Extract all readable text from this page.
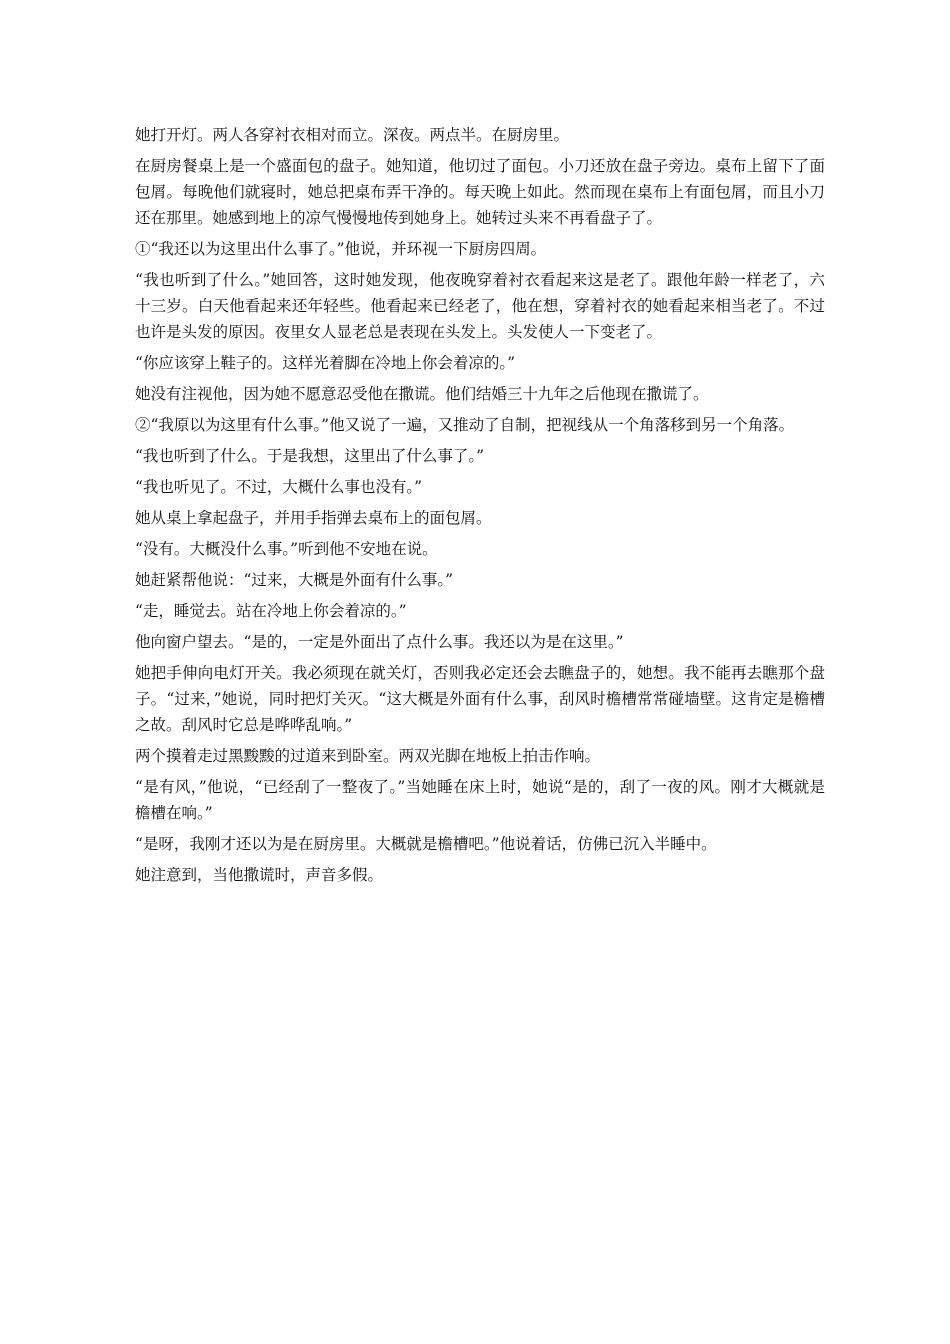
她打开灯。两人各穿衬衣相对而立。深夜。两点半。在厨房里。

在厨房餐桌上是一个盛面包的盘子。她知道，他切过了面包。小刀还放在盘子旁边。桌布上留下了面包屑。每晚他们就寝时，她总把桌布弄干净的。每天晚上如此。然而现在桌布上有面包屑，而且小刀还在那里。她感到地上的凉气慢慢地传到她身上。她转过头来不再看盘子了。

①“我还以为这里出什么事了。”他说，并环视一下厨房四周。

“我也听到了什么。”她回答，这时她发现，他夜晚穿着衬衣看起来这是老了。跟他年龄一样老了，六十三岁。白天他看起来还年轻些。他看起来已经老了，他在想，穿着衬衣的她看起来相当老了。不过也许是头发的原因。夜里女人显老总是表现在头发上。头发使人一下变老了。

“你应该穿上鞋子的。这样光着脚在冷地上你会着凉的。”

她没有注视他，因为她不愿意忍受他在撒谎。他们结婚三十九年之后他现在撒谎了。

②“我原以为这里有什么事。”他又说了一遍，又推动了自制，把视线从一个角落移到另一个角落。

“我也听到了什么。于是我想，这里出了什么事了。”

“我也听见了。不过，大概什么事也没有。”

她从桌上拿起盘子，并用手指弹去桌布上的面包屑。

“没有。大概没什么事。”听到他不安地在说。

她赶紧帮他说：“过来，大概是外面有什么事。”

“走，睡觉去。站在冷地上你会着凉的。”

他向窗户望去。“是的，一定是外面出了点什么事。我还以为是在这里。”

她把手伸向电灯开关。我必须现在就关灯，否则我必定还会去瞧盘子的，她想。我不能再去瞧那个盘子。“过来，”她说，同时把灯关灭。“这大概是外面有什么事，刮风时檐槽常常碰墙壁。这肯定是檐槽之故。刮风时它总是哗哗乱响。”

两个摸着走过黑黢黢的过道来到卧室。两双光脚在地板上拍击作响。

“是有风，”他说，“已经刮了一整夜了。”当她睡在床上时，她说“是的，刮了一夜的风。刚才大概就是檐槽在响。”

“是呀，我刚才还以为是在厨房里。大概就是檐槽吧。”他说着话，仿佛已沉入半睡中。

她注意到，当他撒谎时，声音多假。
